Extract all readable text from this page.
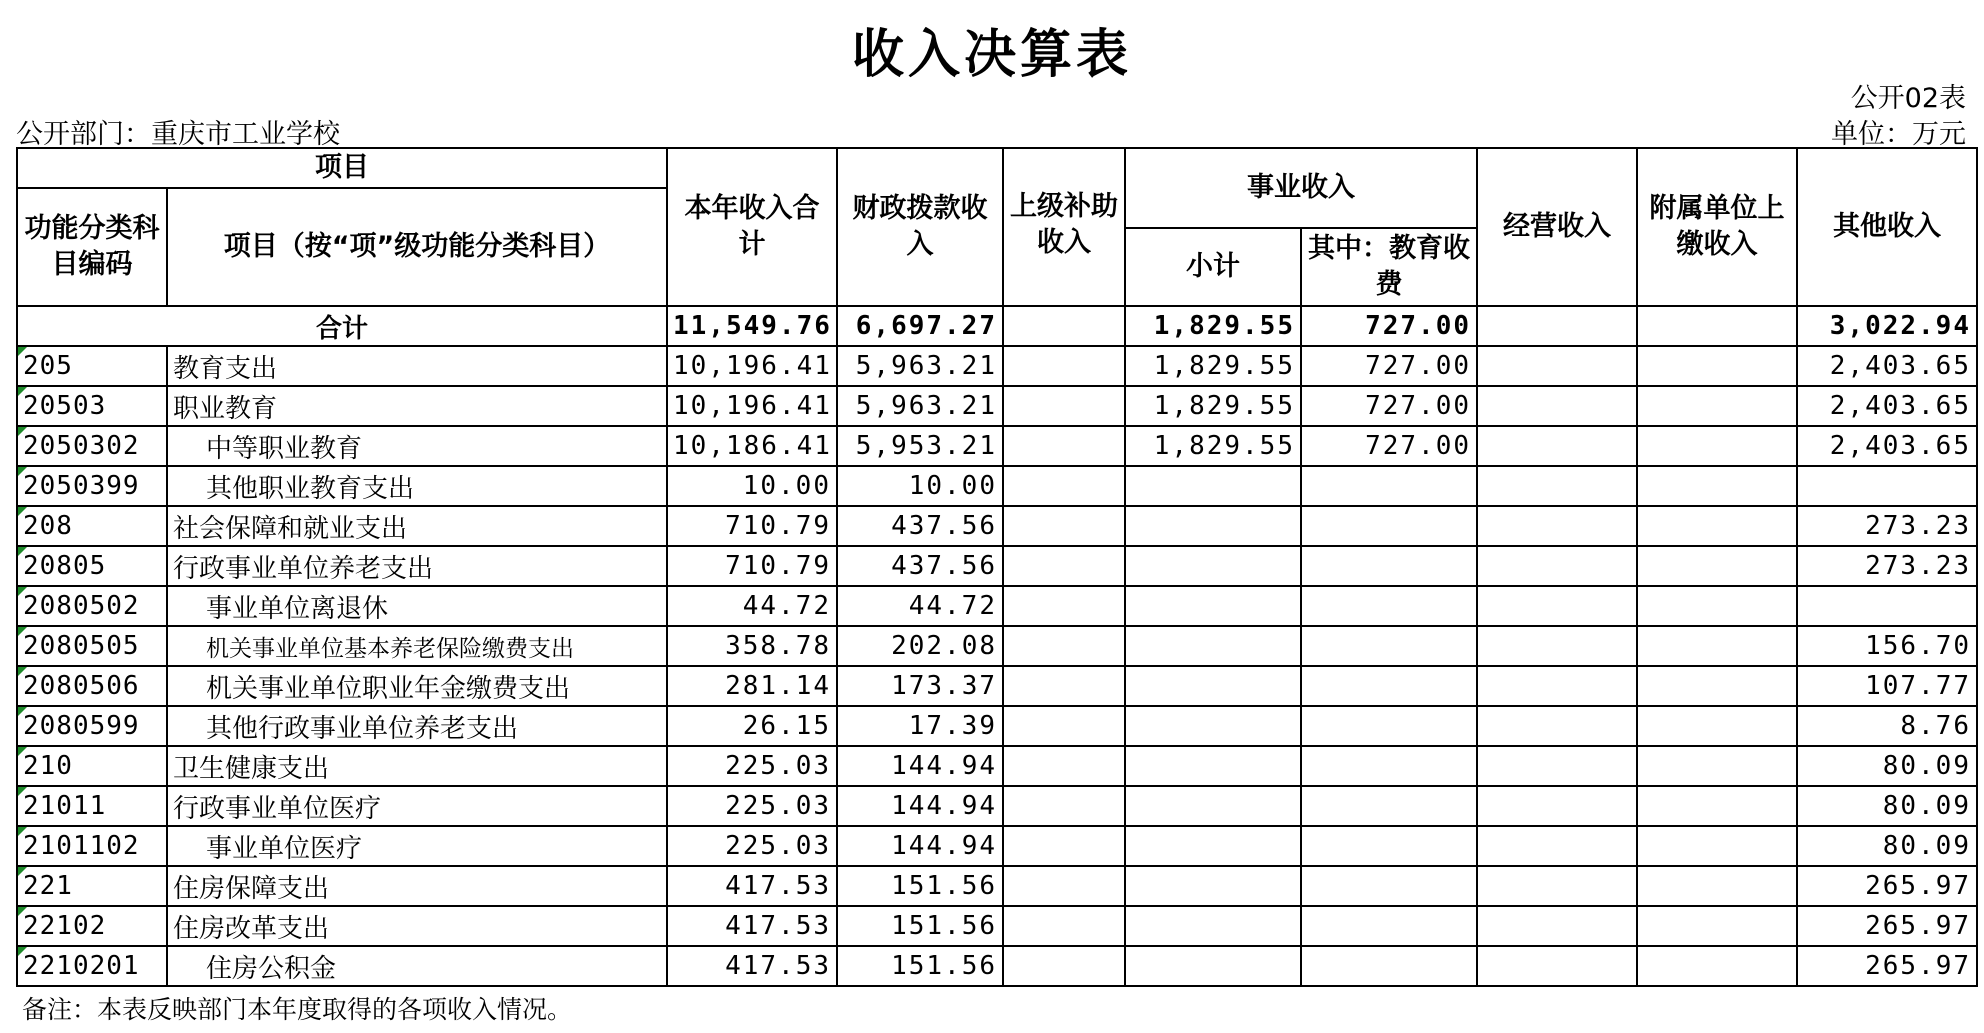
收入决算表
公开02表
公开部门：重庆市工业学校	单位：万元
项目		本年收入合计	财政拨款收入	上级补助收入	事业收入		经营收入	附属单位上缴收入	其他收入
功能分类科目编码	项目（按“项”级功能分类科目）								
					小计	其中：教育收费			
合计		11,549.76	6,697.27		1,829.55	727.00			3,022.94
205	教育支出	10,196.41	5,963.21		1,829.55	727.00			2,403.65
20503	职业教育	10,196.41	5,963.21		1,829.55	727.00			2,403.65
2050302	中等职业教育	10,186.41	5,953.21		1,829.55	727.00			2,403.65
2050399	其他职业教育支出	10.00	10.00						
208	社会保障和就业支出	710.79	437.56						273.23
20805	行政事业单位养老支出	710.79	437.56						273.23
2080502	事业单位离退休	44.72	44.72						
2080505	机关事业单位基本养老保险缴费支出	358.78	202.08						156.70
2080506	机关事业单位职业年金缴费支出	281.14	173.37						107.77
2080599	其他行政事业单位养老支出	26.15	17.39						8.76
210	卫生健康支出	225.03	144.94						80.09
21011	行政事业单位医疗	225.03	144.94						80.09
2101102	事业单位医疗	225.03	144.94						80.09
221	住房保障支出	417.53	151.56						265.97
22102	住房改革支出	417.53	151.56						265.97
2210201	住房公积金	417.53	151.56						265.97
备注：本表反映部门本年度取得的各项收入情况。
